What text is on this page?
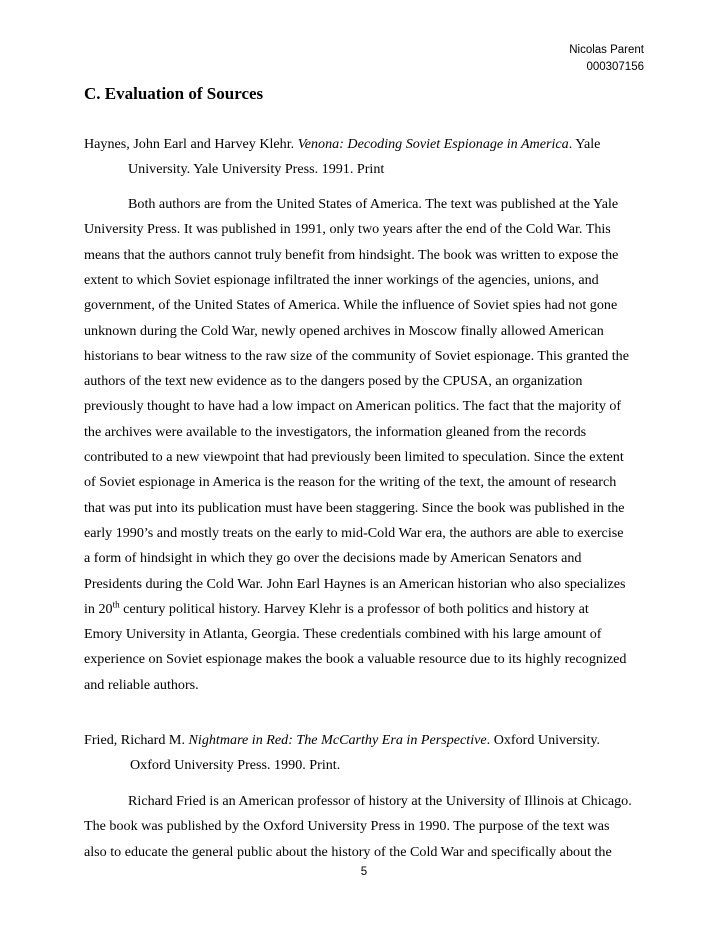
Nicolas Parent
000307156
C. Evaluation of Sources
Haynes, John Earl and Harvey Klehr. Venona: Decoding Soviet Espionage in America. Yale
University. Yale University Press. 1991. Print
Both authors are from the United States of America. The text was published at the Yale
University Press. It was published in 1991, only two years after the end of the Cold War. This
means that the authors cannot truly benefit from hindsight. The book was written to expose the
extent to which Soviet espionage infiltrated the inner workings of the agencies, unions, and
government, of the United States of America. While the influence of Soviet spies had not gone
unknown during the Cold War, newly opened archives in Moscow finally allowed American
historians to bear witness to the raw size of the community of Soviet espionage. This granted the
authors of the text new evidence as to the dangers posed by the CPUSA, an organization
previously thought to have had a low impact on American politics. The fact that the majority of
the archives were available to the investigators, the information gleaned from the records
contributed to a new viewpoint that had previously been limited to speculation. Since the extent
of Soviet espionage in America is the reason for the writing of the text, the amount of research
that was put into its publication must have been staggering. Since the book was published in the
early 1990’s and mostly treats on the early to mid-Cold War era, the authors are able to exercise
a form of hindsight in which they go over the decisions made by American Senators and
Presidents during the Cold War. John Earl Haynes is an American historian who also specializes
in 20th century political history. Harvey Klehr is a professor of both politics and history at
Emory University in Atlanta, Georgia. These credentials combined with his large amount of
experience on Soviet espionage makes the book a valuable resource due to its highly recognized
and reliable authors.
Fried, Richard M. Nightmare in Red: The McCarthy Era in Perspective. Oxford University.
Oxford University Press. 1990. Print.
Richard Fried is an American professor of history at the University of Illinois at Chicago.
The book was published by the Oxford University Press in 1990. The purpose of the text was
also to educate the general public about the history of the Cold War and specifically about the
5
